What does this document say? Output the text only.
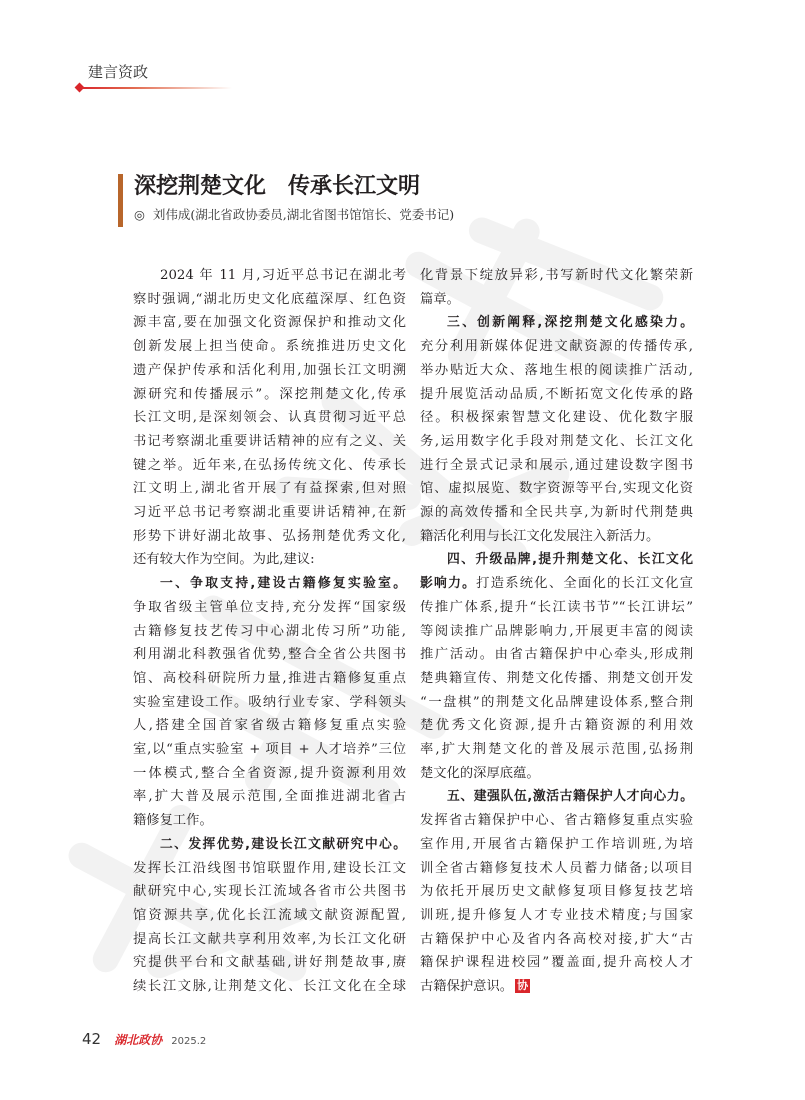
建言资政
深挖荆楚文化 传承长江文明
◎ 刘伟成(湖北省政协委员,湖北省图书馆馆长、党委书记)
2024 年 11 月,习近平总书记在湖北考
察时强调,“湖北历史文化底蕴深厚、红色资
源丰富,要在加强文化资源保护和推动文化
创新发展上担当使命。系统推进历史文化
遗产保护传承和活化利用,加强长江文明溯
源研究和传播展示”。深挖荆楚文化,传承
长江文明,是深刻领会、认真贯彻习近平总
书记考察湖北重要讲话精神的应有之义、关
键之举。近年来,在弘扬传统文化、传承长
江文明上,湖北省开展了有益探索,但对照
习近平总书记考察湖北重要讲话精神,在新
形势下讲好湖北故事、弘扬荆楚优秀文化,
还有较大作为空间。为此,建议:
一、争取支持,建设古籍修复实验室。
争取省级主管单位支持,充分发挥“国家级
古籍修复技艺传习中心湖北传习所”功能,
利用湖北科教强省优势,整合全省公共图书
馆、高校科研院所力量,推进古籍修复重点
实验室建设工作。吸纳行业专家、学科领头
人,搭建全国首家省级古籍修复重点实验
室,以“重点实验室 + 项目 + 人才培养”三位
一体模式,整合全省资源,提升资源利用效
率,扩大普及展示范围,全面推进湖北省古
籍修复工作。
二、发挥优势,建设长江文献研究中心。
发挥长江沿线图书馆联盟作用,建设长江文
献研究中心,实现长江流域各省市公共图书
馆资源共享,优化长江流域文献资源配置,
提高长江文献共享利用效率,为长江文化研
究提供平台和文献基础,讲好荆楚故事,赓
续长江文脉,让荆楚文化、长江文化在全球
化背景下绽放异彩,书写新时代文化繁荣新
篇章。
三、创新阐释,深挖荆楚文化感染力。
充分利用新媒体促进文献资源的传播传承,
举办贴近大众、落地生根的阅读推广活动,
提升展览活动品质,不断拓宽文化传承的路
径。积极探索智慧文化建设、优化数字服
务,运用数字化手段对荆楚文化、长江文化
进行全景式记录和展示,通过建设数字图书
馆、虚拟展览、数字资源等平台,实现文化资
源的高效传播和全民共享,为新时代荆楚典
籍活化利用与长江文化发展注入新活力。
四、升级品牌,提升荆楚文化、长江文化
影响力。打造系统化、全面化的长江文化宣
传推广体系,提升“长江读书节”“长江讲坛”
等阅读推广品牌影响力,开展更丰富的阅读
推广活动。由省古籍保护中心牵头,形成荆
楚典籍宣传、荆楚文化传播、荆楚文创开发
“一盘棋”的荆楚文化品牌建设体系,整合荆
楚优秀文化资源,提升古籍资源的利用效
率,扩大荆楚文化的普及展示范围,弘扬荆
楚文化的深厚底蕴。
五、建强队伍,激活古籍保护人才向心力。
发挥省古籍保护中心、省古籍修复重点实验
室作用,开展省古籍保护工作培训班,为培
训全省古籍修复技术人员蓄力储备;以项目
为依托开展历史文献修复项目修复技艺培
训班,提升修复人才专业技术精度;与国家
古籍保护中心及省内各高校对接,扩大“古
籍保护课程进校园”覆盖面,提升高校人才
古籍保护意识。 协
42 湖北政协 2025.2
